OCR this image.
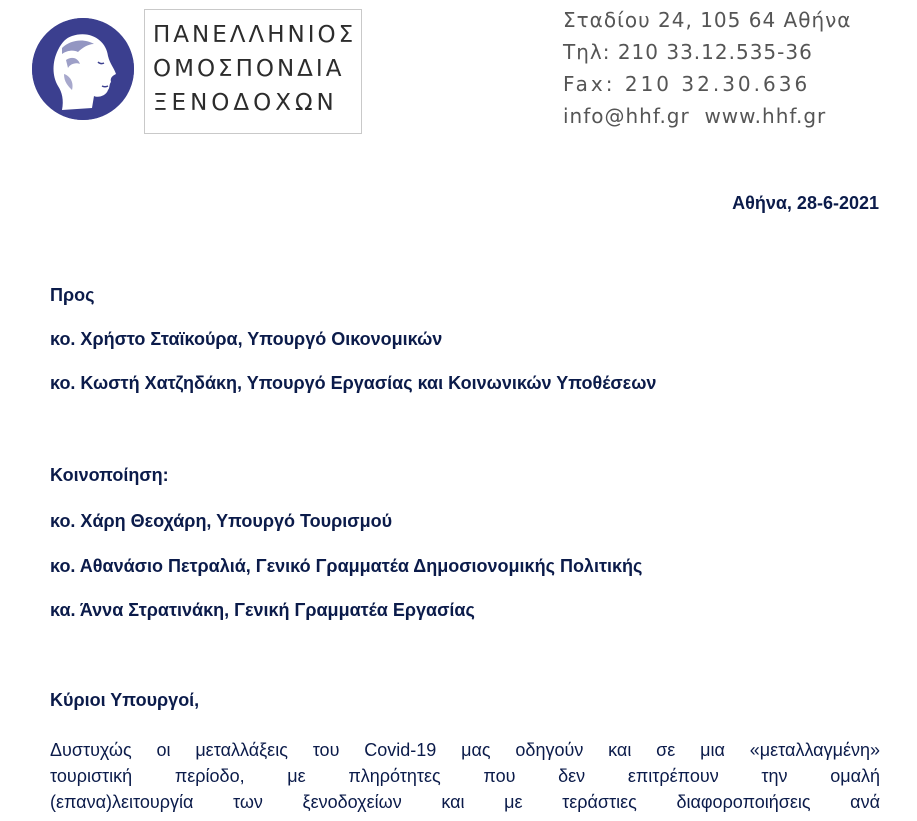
ΠΑΝΕΛΛΗΝΙΟΣ
ΟΜΟΣΠΟΝΔΙΑ
ΞΕΝΟΔΟΧΩΝ
Σταδίου 24, 105 64 Αθήνα
Τηλ: 210 33.12.535-36
Fax: 210 32.30.636
info@hhf.gr  www.hhf.gr
Αθήνα, 28-6-2021
Προς
κο. Χρήστο Σταϊκούρα, Υπουργό Οικονομικών
κο. Κωστή Χατζηδάκη, Υπουργό Εργασίας και Κοινωνικών Υποθέσεων
Κοινοποίηση:
κο. Χάρη Θεοχάρη, Υπουργό Τουρισμού
κο. Αθανάσιο Πετραλιά, Γενικό Γραμματέα Δημοσιονομικής Πολιτικής
κα. Άννα Στρατινάκη, Γενική Γραμματέα Εργασίας
Κύριοι Υπουργοί,
Δυστυχώς οι μεταλλάξεις του Covid-19 μας οδηγούν και σε μια «μεταλλαγμένη»
τουριστική περίοδο, με πληρότητες που δεν επιτρέπουν την ομαλή
(επανα)λειτουργία των ξενοδοχείων και με τεράστιες διαφοροποιήσεις ανά
